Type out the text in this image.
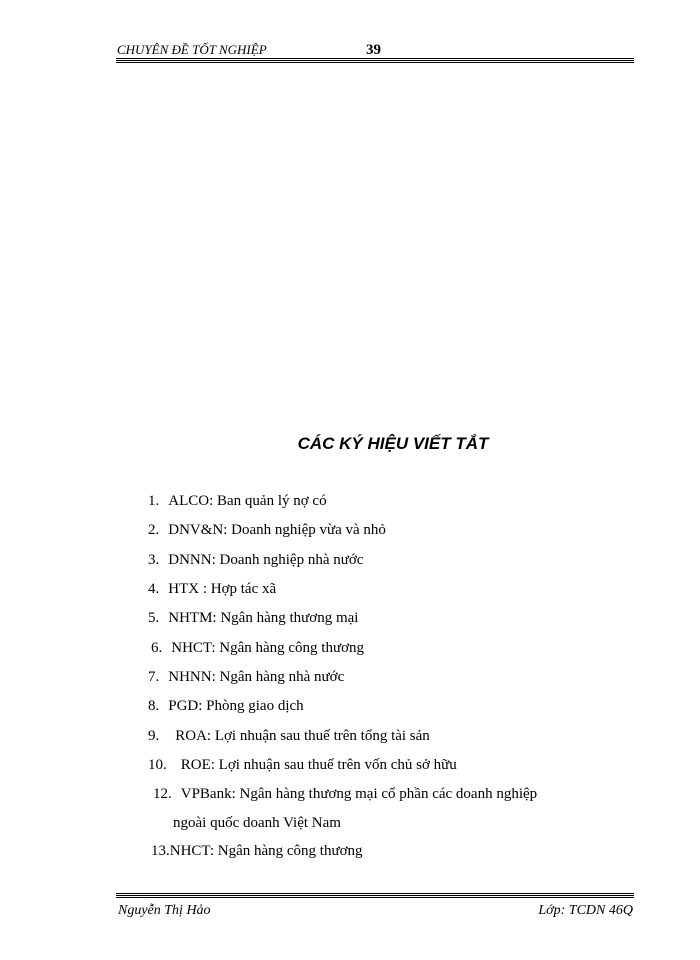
CHUYÊN ĐỀ TỐT NGHIỆP	39
CÁC KÝ HIỆU VIẾT TẮT
1. ALCO: Ban quản lý nợ có
2. DNV&N: Doanh nghiệp vừa và nhỏ
3. DNNN: Doanh nghiệp nhà nước
4. HTX : Hợp tác xã
5. NHTM: Ngân hàng thương mại
6. NHCT: Ngân hàng công thương
7. NHNN: Ngân hàng nhà nước
8. PGD: Phòng giao dịch
9. ROA: Lợi nhuận sau thuế trên tổng tài sản
10. ROE: Lợi nhuận sau thuế trên vốn chủ sở hữu
12. VPBank: Ngân hàng thương mại cổ phần các doanh nghiệp
ngoài quốc doanh Việt Nam
13.NHCT: Ngân hàng công thương
Nguyễn Thị Hảo	Lớp: TCDN 46Q
